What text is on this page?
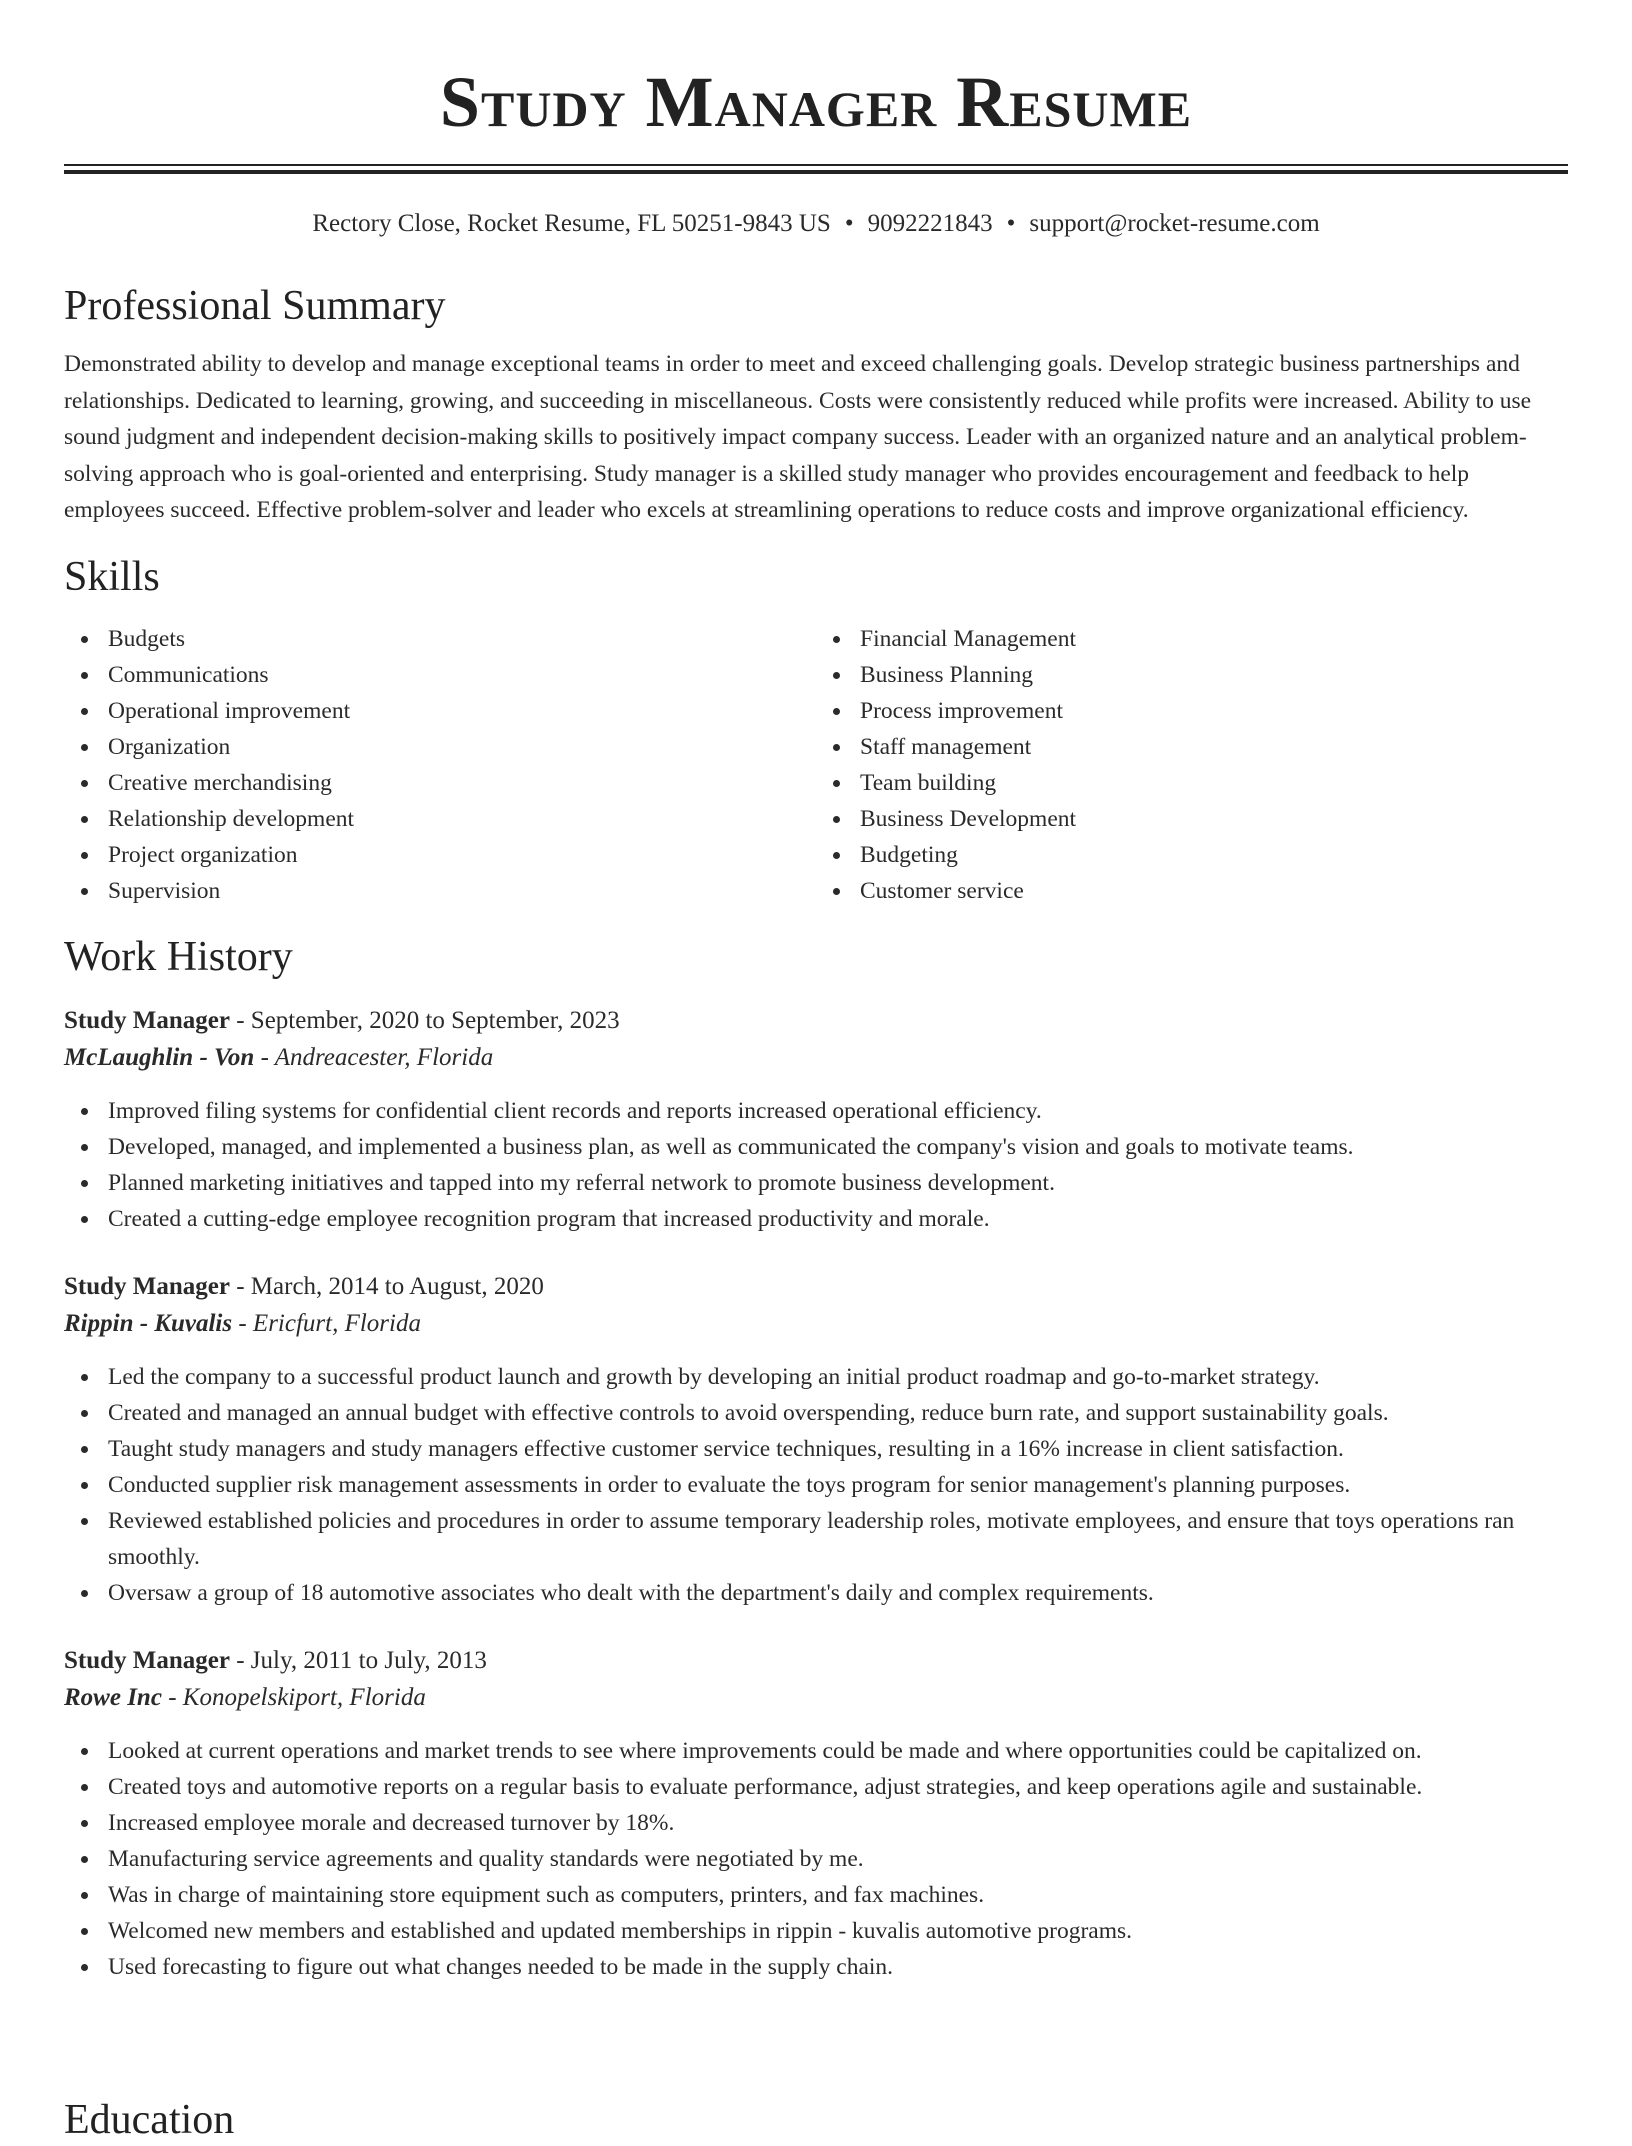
Study Manager Resume
Rectory Close, Rocket Resume, FL 50251-9843 US • 9092221843 • support@rocket-resume.com
Professional Summary

Demonstrated ability to develop and manage exceptional teams in order to meet and exceed challenging goals. Develop strategic business partnerships and relationships. Dedicated to learning, growing, and succeeding in miscellaneous. Costs were consistently reduced while profits were increased. Ability to use sound judgment and independent decision-making skills to positively impact company success. Leader with an organized nature and an analytical problem-solving approach who is goal-oriented and enterprising. Study manager is a skilled study manager who provides encouragement and feedback to help employees succeed. Effective problem-solver and leader who excels at streamlining operations to reduce costs and improve organizational efficiency.

Skills
Budgets
Communications
Operational improvement
Organization
Creative merchandising
Relationship development
Project organization
Supervision
Financial Management
Business Planning
Process improvement
Staff management
Team building
Business Development
Budgeting
Customer service
Work History
Study Manager - September, 2020 to September, 2023
McLaughlin - Von - Andreacester, Florida
Improved filing systems for confidential client records and reports increased operational efficiency.
Developed, managed, and implemented a business plan, as well as communicated the company's vision and goals to motivate teams.
Planned marketing initiatives and tapped into my referral network to promote business development.
Created a cutting-edge employee recognition program that increased productivity and morale.
Study Manager - March, 2014 to August, 2020
Rippin - Kuvalis - Ericfurt, Florida
Led the company to a successful product launch and growth by developing an initial product roadmap and go-to-market strategy.
Created and managed an annual budget with effective controls to avoid overspending, reduce burn rate, and support sustainability goals.
Taught study managers and study managers effective customer service techniques, resulting in a 16% increase in client satisfaction.
Conducted supplier risk management assessments in order to evaluate the toys program for senior management's planning purposes.
Reviewed established policies and procedures in order to assume temporary leadership roles, motivate employees, and ensure that toys operations ran smoothly.
Oversaw a group of 18 automotive associates who dealt with the department's daily and complex requirements.
Study Manager - July, 2011 to July, 2013
Rowe Inc - Konopelskiport, Florida
Looked at current operations and market trends to see where improvements could be made and where opportunities could be capitalized on.
Created toys and automotive reports on a regular basis to evaluate performance, adjust strategies, and keep operations agile and sustainable.
Increased employee morale and decreased turnover by 18%.
Manufacturing service agreements and quality standards were negotiated by me.
Was in charge of maintaining store equipment such as computers, printers, and fax machines.
Welcomed new members and established and updated memberships in rippin - kuvalis automotive programs.
Used forecasting to figure out what changes needed to be made in the supply chain.
Education
